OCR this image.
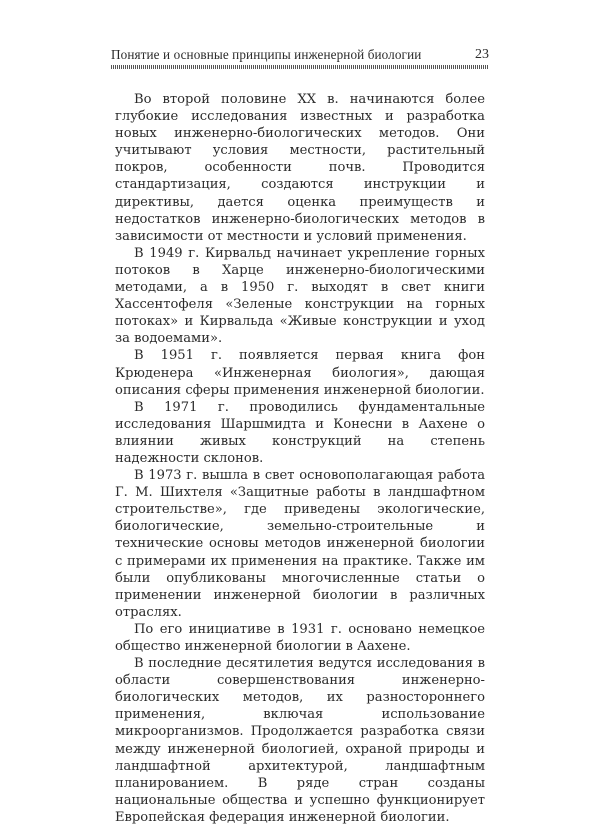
Понятие и основные принципы инженерной биологии	23

Во второй половине XX в. начинаются более глубокие исследования известных и разработка новых инженерно-биологических методов. Они учитывают условия местности, растительный покров, особенности почв. Проводится стандартизация, создаются инструкции и директивы, дается оценка преимуществ и недостатков инженерно-биологических методов в зависимости от местности и условий применения.

В 1949 г. Кирвальд начинает укрепление горных потоков в Харце инженерно-биологическими методами, а в 1950 г. выходят в свет книги Хассентофеля «Зеленые конструкции на горных потоках» и Кирвальда «Живые конструкции и уход за водоемами».

В 1951 г. появляется первая книга фон Крюденера «Инженерная биология», дающая описания сферы применения инженерной биологии.

В 1971 г. проводились фундаментальные исследования Шаршмидта и Конесни в Аахене о влиянии живых конструкций на степень надежности склонов.

В 1973 г. вышла в свет основополагающая работа Г. М. Шихтеля «Защитные работы в ландшафтном строительстве», где приведены экологические, биологические, земельно-строительные и технические основы методов инженерной биологии с примерами их применения на практике. Также им были опубликованы многочисленные статьи о применении инженерной биологии в различных отраслях.

По его инициативе в 1931 г. основано немецкое общество инженерной биологии в Аахене.

В последние десятилетия ведутся исследования в области совершенствования инженерно-биологических методов, их разностороннего применения, включая использование микроорганизмов. Продолжается разработка связи между инженерной биологией, охраной природы и ландшафтной архитектурой, ландшафтным планированием. В ряде стран созданы национальные общества и успешно функционирует Европейская федерация инженерной биологии.
